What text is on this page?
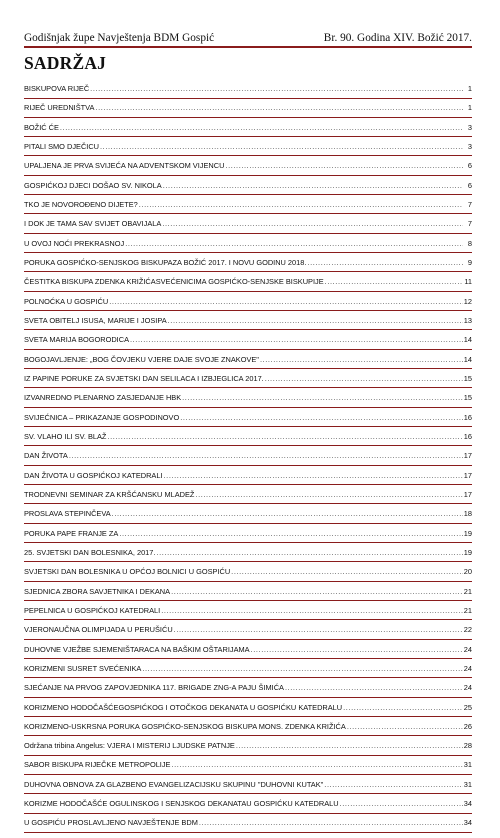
Godišnjak župe Navještenja BDM Gospić	Br. 90. Godina XIV. Božić 2017.
SADRŽAJ
BISKUPOVA RIJEČ .....	1
RIJEČ UREDNIŠTVA .....	1
BOŽIĆ ĆE .....	3
PITALI SMO DJEČICU .....	3
UPALJENA JE PRVA SVIJEĆA NA ADVENTSKOM VIJENCU .....	6
GOSPIĆKOJ DJECI DOŠAO SV. NIKOLA .....	6
TKO JE NOVOROĐENO DIJETE? .....	7
I DOK JE TAMA SAV SVIJET OBAVIJALA .....	7
U OVOJ NOĆI PREKRASNOJ .....	8
PORUKA GOSPIĆKO-SENJSKOG BISKUPAZA BOŽIĆ 2017. I NOVU GODINU 2018. .....	9
ČESTITKA BISKUPA ZDENKA KRIŽIĆASVEĆENICIMA GOSPIĆKO-SENJSKE BISKUPIJE .....	11
POLNOĆKA U GOSPIĆU .....	12
SVETA OBITELJ ISUSA, MARIJE I JOSIPA .....	13
SVETA MARIJA BOGORODICA .....	14
BOGOJAVLJENJE: „BOG ČOVJEKU VJERE DAJE SVOJE ZNAKOVE" .....	14
IZ PAPINE PORUKE ZA SVJETSKI DAN SELILACA I IZBJEGLICA 2017. .....	15
IZVANREDNO PLENARNO ZASJEDANJE HBK .....	15
SVIJEĆNICA – PRIKAZANJE GOSPODINOVO .....	16
SV. VLAHO ILI SV. BLAŽ .....	16
DAN ŽIVOTA .....	17
DAN ŽIVOTA U GOSPIĆKOJ KATEDRALI .....	17
TRODNEVNI SEMINAR ZA KRŠĆANSKU MLADEŽ .....	17
PROSLAVA STEPINČEVA .....	18
PORUKA PAPE FRANJE ZA .....	19
25. SVJETSKI DAN BOLESNIKA, 2017. .....	19
SVJETSKI DAN BOLESNIKA U OPĆOJ BOLNICI U GOSPIĆU .....	20
SJEDNICA ZBORA SAVJETNIKA I DEKANA .....	21
PEPELNICA U GOSPIĆKOJ KATEDRALI .....	21
VJERONAUČNA OLIMPIJADA U PERUŠIĆU .....	22
DUHOVNE VJEŽBE SJEMENIŠTARACA NA BAŠKIM OŠTARIJAMA .....	24
KORIZMENI SUSRET SVEĆENIKA .....	24
SJEĆANJE NA PRVOG ZAPOVJEDNIKA 117. BRIGADE ZNG-A PAJU ŠIMIĆA .....	24
KORIZMENO HODOČAŠĆEGOSPIĆKOG I OTOČKOG DEKANATA U GOSPIĆKU KATEDRALU .....	25
KORIZMENO-USKRSNA PORUKA GOSPIĆKO-SENJSKOG BISKUPA MONS. ZDENKA KRIŽIĆA .....	26
Održana tribina Angelus: VJERA I MISTERIJ LJUDSKE PATNJE .....	28
SABOR BISKUPA RIJEČKE METROPOLIJE .....	31
DUHOVNA OBNOVA ZA GLAZBENO EVANGELIZACIJSKU SKUPINU "DUHOVNI KUTAK" .....	31
KORIZME HODOČAŠĆE OGULINSKOG I SENJSKOG DEKANATAU GOSPIĆKU KATEDRALU .....	34
U GOSPIĆU PROSLAVLJENO NAVJEŠTENJE BDM .....	34
